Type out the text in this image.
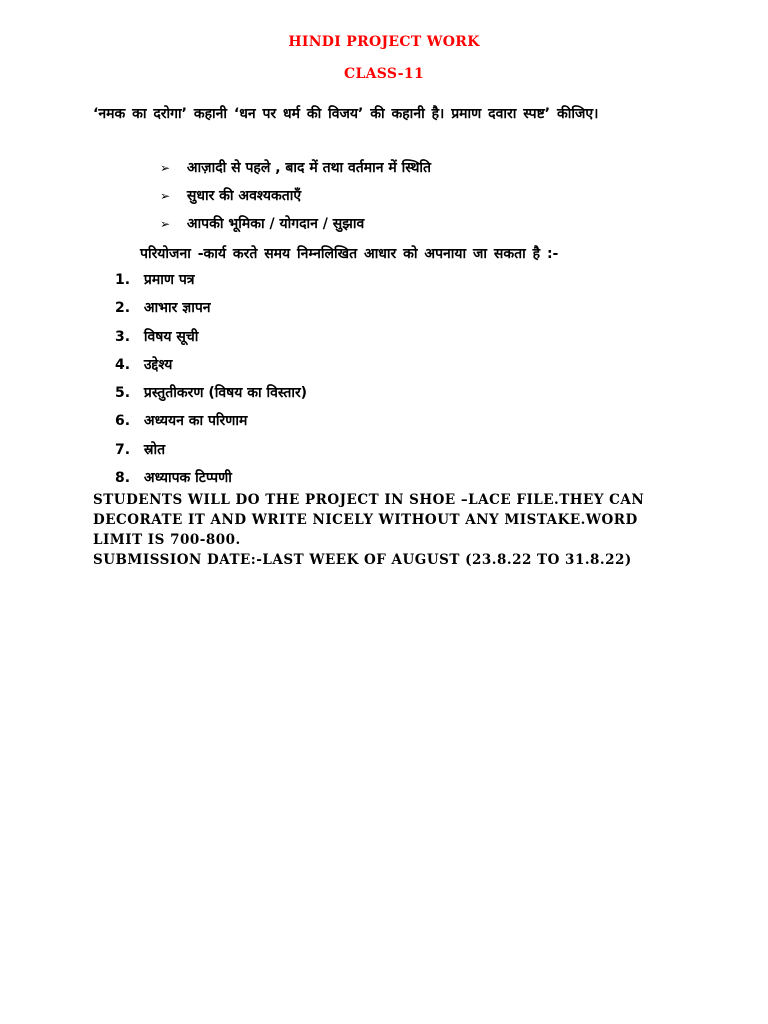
HINDI PROJECT WORK
CLASS-11
‘नमक का दरोगा’ कहानी ‘धन पर धर्म की विजय’ की कहानी है। प्रमाण दवारा स्पष्ट’ कीजिए।
➢ आज़ादी से पहले , बाद में तथा वर्तमान में स्थिति
➢ सुधार की अवश्यकताएँ
➢ आपकी भूमिका / योगदान / सुझाव
परियोजना -कार्य करते समय निम्नलिखित आधार को अपनाया जा सकता है :-
1. प्रमाण पत्र
2. आभार ज्ञापन
3. विषय सूची
4. उद्देश्य
5. प्रस्तुतीकरण (विषय का विस्तार)
6. अध्ययन का परिणाम
7. स्रोत
8. अध्यापक टिप्पणी
STUDENTS WILL DO THE PROJECT IN SHOE –LACE FILE.THEY CAN
DECORATE IT AND WRITE NICELY WITHOUT ANY MISTAKE.WORD
LIMIT IS 700-800.
SUBMISSION DATE:-LAST WEEK OF AUGUST (23.8.22 TO 31.8.22)
